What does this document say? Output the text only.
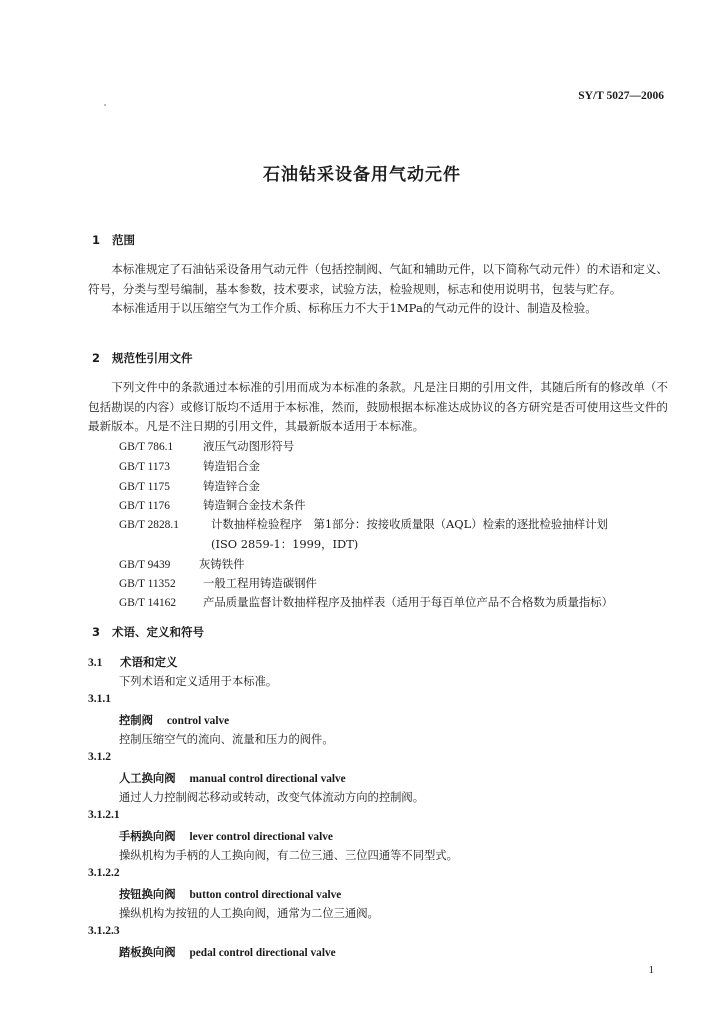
SY/T 5027—2006
石油钻采设备用气动元件
1 范围

本标准规定了石油钻采设备用气动元件（包括控制阀、气缸和辅助元件，以下简称气动元件）的术语和定义、符号，分类与型号编制，基本参数，技术要求，试验方法，检验规则，标志和使用说明书，包装与贮存。

本标准适用于以压缩空气为工作介质、标称压力不大于1MPa的气动元件的设计、制造及检验。

2 规范性引用文件

下列文件中的条款通过本标准的引用而成为本标准的条款。凡是注日期的引用文件，其随后所有的修改单（不包括勘误的内容）或修订版均不适用于本标准，然而，鼓励根据本标准达成协议的各方研究是否可使用这些文件的最新版本。凡是不注日期的引用文件，其最新版本适用于本标准。

GB/T 786.1	液压气动图形符号
GB/T 1173	铸造铝合金
GB/T 1175	铸造锌合金
GB/T 1176	铸造铜合金技术条件
GB/T 2828.1	计数抽样检验程序　第1部分：按接收质量限（AQL）检索的逐批检验抽样计划
(ISO 2859-1：1999，IDT)
GB/T 9439	灰铸铁件
GB/T 11352 一般工程用铸造碳钢件
GB/T 14162 产品质量监督计数抽样程序及抽样表（适用于每百单位产品不合格数为质量指标）
3 术语、定义和符号
3.1 术语和定义
下列术语和定义适用于本标准。
3.1.1
控制阀 control valve
控制压缩空气的流向、流量和压力的阀件。
3.1.2
人工换向阀 manual control directional valve
通过人力控制阀芯移动或转动，改变气体流动方向的控制阀。
3.1.2.1
手柄换向阀 lever control directional valve
操纵机构为手柄的人工换向阀，有二位三通、三位四通等不同型式。
3.1.2.2
按钮换向阀 button control directional valve
操纵机构为按钮的人工换向阀，通常为二位三通阀。
3.1.2.3
踏板换向阀 pedal control directional valve
1
